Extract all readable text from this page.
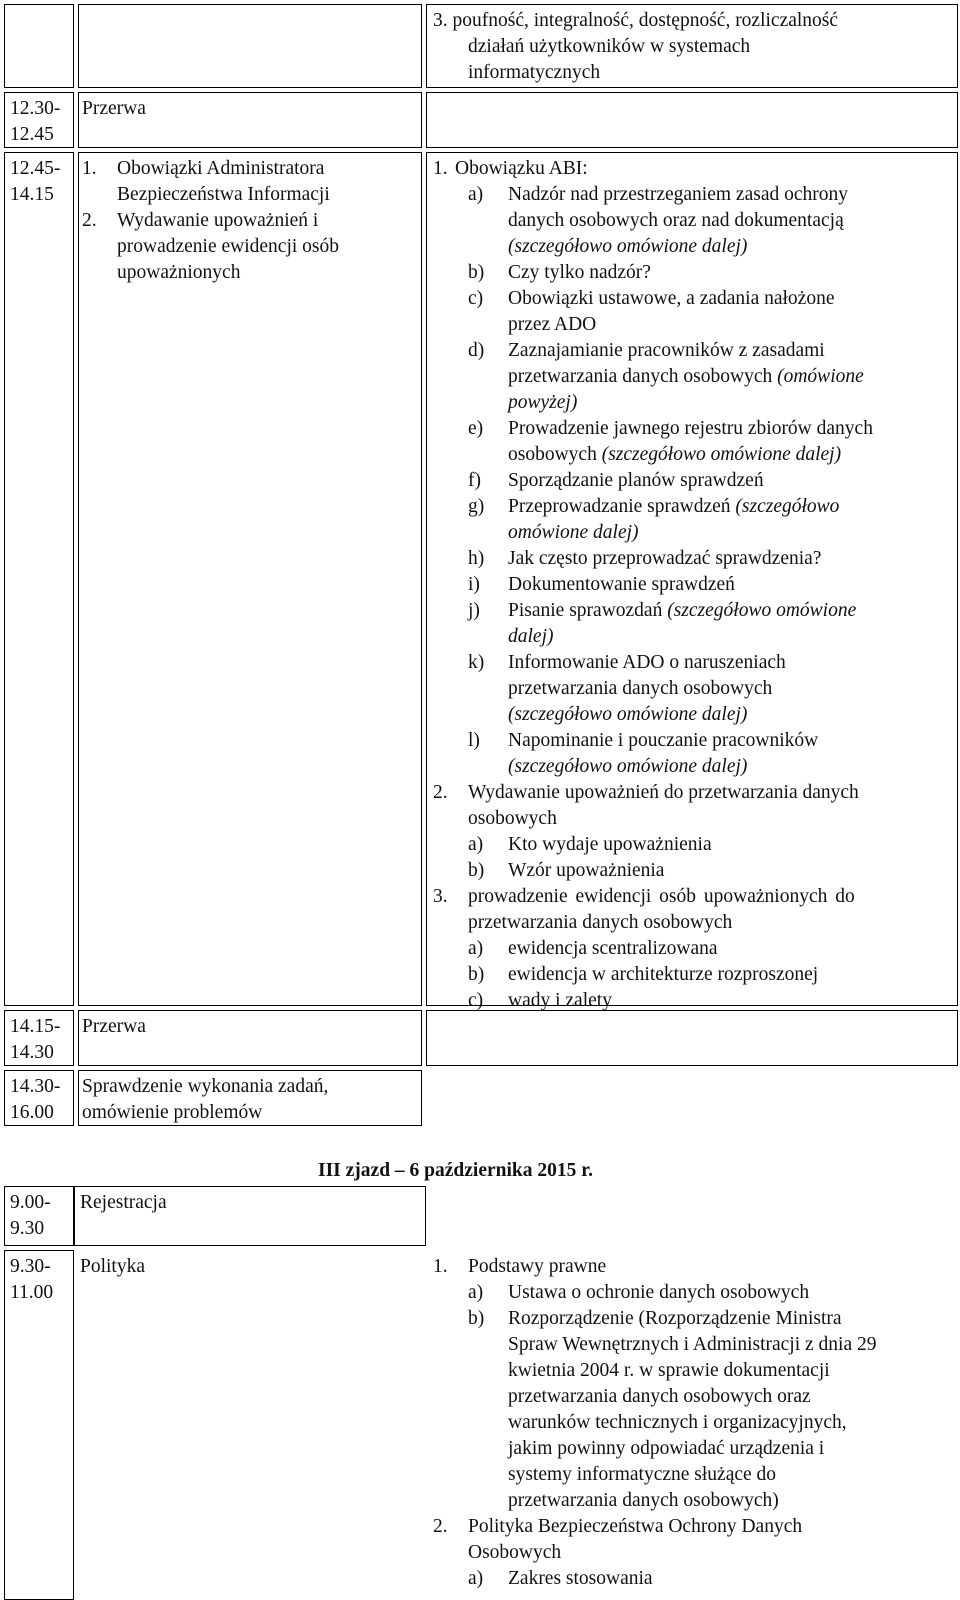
3. poufność, integralność, dostępność, rozliczalność
działań użytkowników w systemach
informatycznych
12.30-
12.45
Przerwa
12.45-
14.15
1. Obowiązki Administratora
Bezpieczeństwa Informacji
2. Wydawanie upoważnień i
prowadzenie ewidencji osób
upoważnionych
1. Obowiązku ABI:
a) Nadzór nad przestrzeganiem zasad ochrony
danych osobowych oraz nad dokumentacją
(szczegółowo omówione dalej)
b) Czy tylko nadzór?
c) Obowiązki ustawowe, a zadania nałożone
przez ADO
d) Zaznajamianie pracowników z zasadami
przetwarzania danych osobowych (omówione
powyżej)
e) Prowadzenie jawnego rejestru zbiorów danych
osobowych (szczegółowo omówione dalej)
f) Sporządzanie planów sprawdzeń
g) Przeprowadzanie sprawdzeń (szczegółowo
omówione dalej)
h) Jak często przeprowadzać sprawdzenia?
i) Dokumentowanie sprawdzeń
j) Pisanie sprawozdań (szczegółowo omówione
dalej)
k) Informowanie ADO o naruszeniach
przetwarzania danych osobowych
(szczegółowo omówione dalej)
l) Napominanie i pouczanie pracowników
(szczegółowo omówione dalej)
2. Wydawanie upoważnień do przetwarzania danych
osobowych
a) Kto wydaje upoważnienia
b) Wzór upoważnienia
3. prowadzenie ewidencji osób upoważnionych do
przetwarzania danych osobowych
a) ewidencja scentralizowana
b) ewidencja w architekturze rozproszonej
c) wady i zalety
14.15-
14.30
Przerwa
14.30-
16.00
Sprawdzenie wykonania zadań,
omówienie problemów
III zjazd – 6 października 2015 r.
9.00-
9.30
Rejestracja
9.30-
11.00
Polityka	1. Podstawy prawne
a) Ustawa o ochronie danych osobowych
b) Rozporządzenie (Rozporządzenie Ministra
Spraw Wewnętrznych i Administracji z dnia 29
kwietnia 2004 r. w sprawie dokumentacji
przetwarzania danych osobowych oraz
warunków technicznych i organizacyjnych,
jakim powinny odpowiadać urządzenia i
systemy informatyczne służące do
przetwarzania danych osobowych)
2. Polityka Bezpieczeństwa Ochrony Danych
Osobowych
a) Zakres stosowania
